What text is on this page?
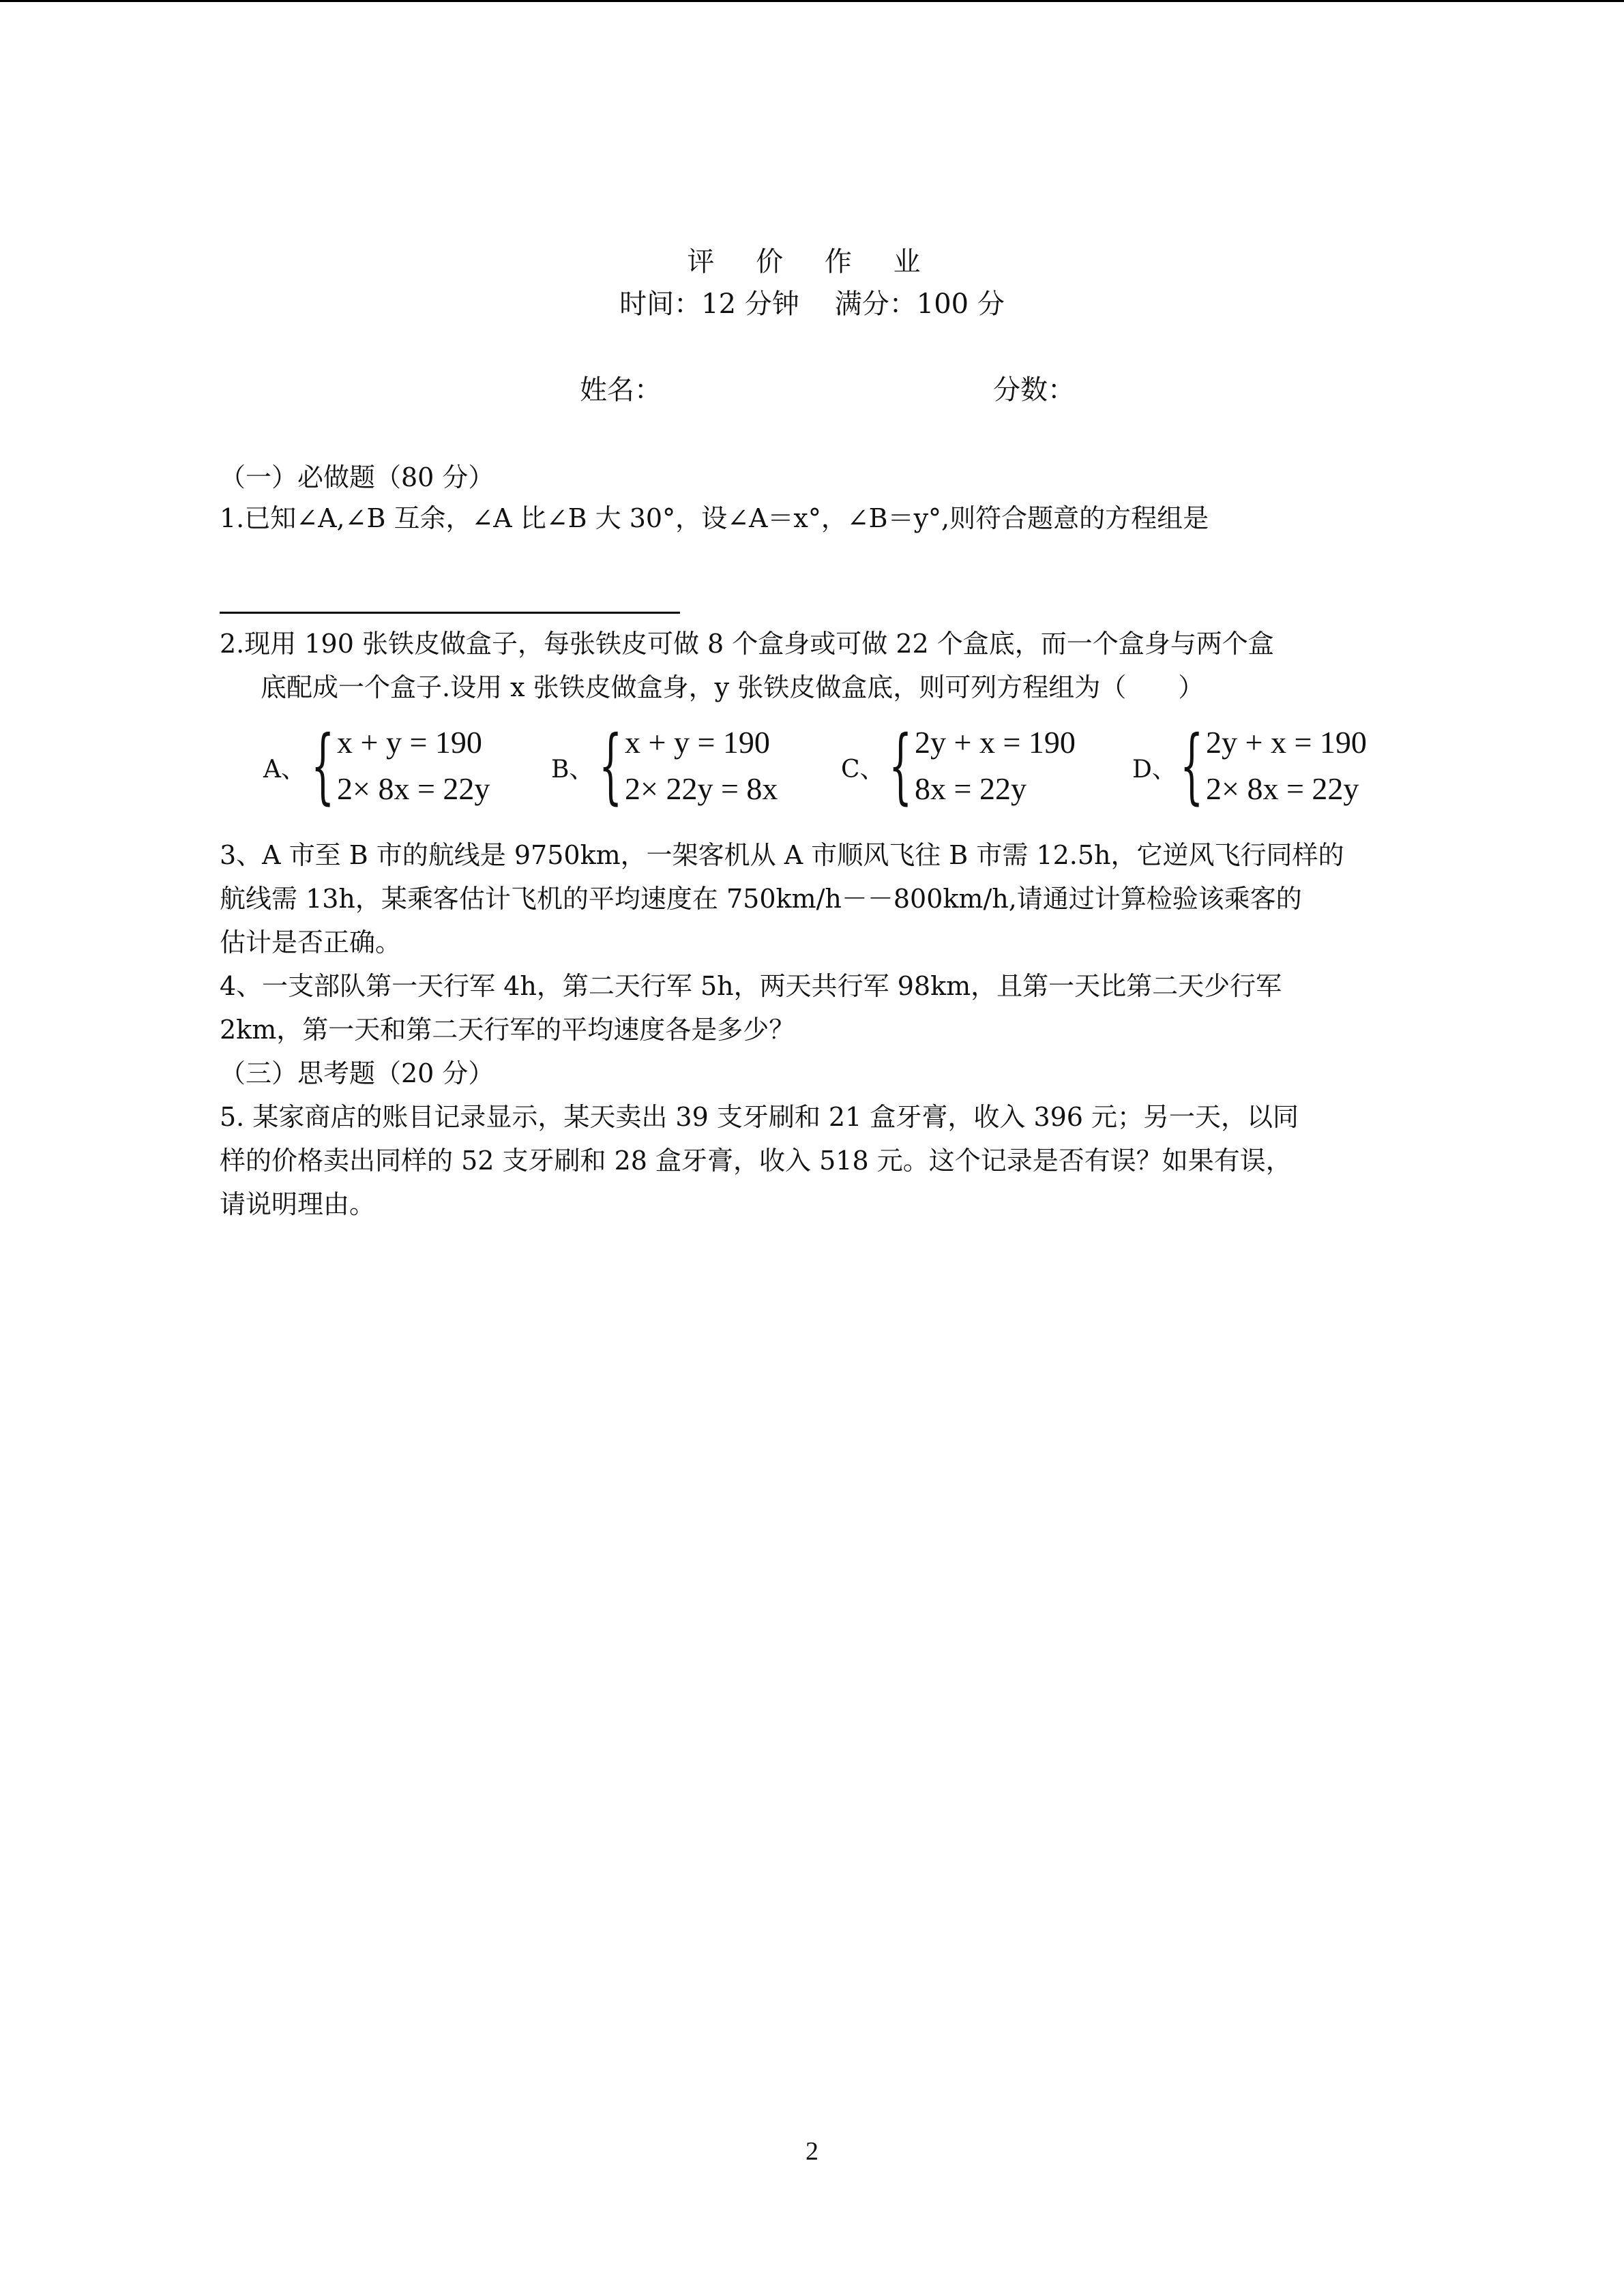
评 价 作 业
时间：12 分钟 满分：100 分
姓名：	分数：
（一）必做题（80 分）
1.已知∠A,∠B 互余，∠A 比∠B 大 30°，设∠A＝x°，∠B＝y°,则符合题意的方程组是
2.现用 190 张铁皮做盒子，每张铁皮可做 8 个盒身或可做 22 个盒底，而一个盒身与两个盒
底配成一个盒子.设用 x 张铁皮做盒身，y 张铁皮做盒底，则可列方程组为（　　）
A、 { x + y = 190
2× 8x = 22y
B、 { x + y = 190
2× 22y = 8x
C、 { 2y + x = 190
8x = 22y
D、 { 2y + x = 190
2× 8x = 22y
3、A 市至 B 市的航线是 9750km，一架客机从 A 市顺风飞往 B 市需 12.5h，它逆风飞行同样的
航线需 13h，某乘客估计飞机的平均速度在 750km/h－－800km/h,请通过计算检验该乘客的
估计是否正确。
4、一支部队第一天行军 4h，第二天行军 5h，两天共行军 98km，且第一天比第二天少行军
2km，第一天和第二天行军的平均速度各是多少？
（三）思考题（20 分）
5. 某家商店的账目记录显示，某天卖出 39 支牙刷和 21 盒牙膏，收入 396 元；另一天，以同
样的价格卖出同样的 52 支牙刷和 28 盒牙膏，收入 518 元。这个记录是否有误？如果有误，
请说明理由。
2
